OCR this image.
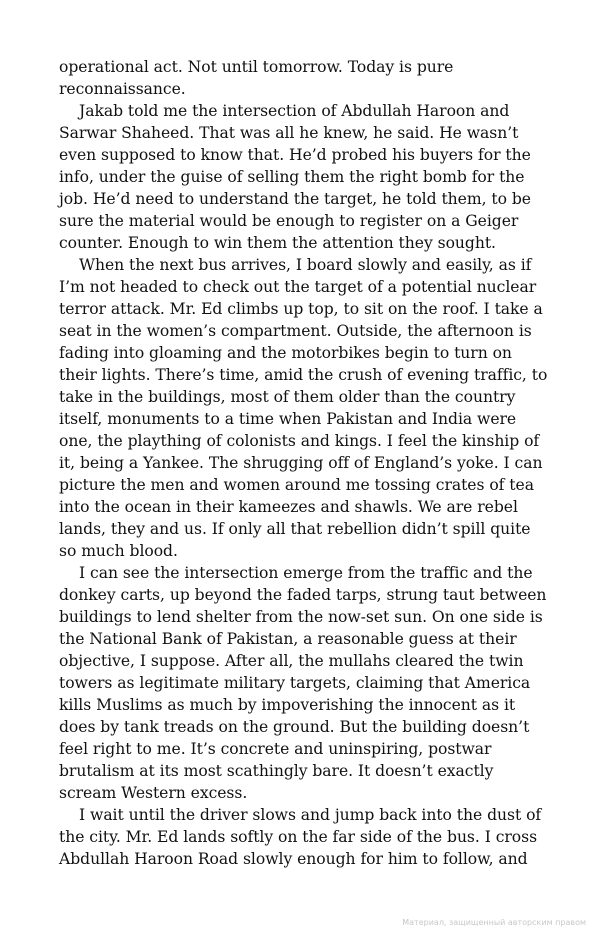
operational act. Not until tomorrow. Today is pure
reconnaissance.
Jakab told me the intersection of Abdullah Haroon and
Sarwar Shaheed. That was all he knew, he said. He wasn’t
even supposed to know that. He’d probed his buyers for the
info, under the guise of selling them the right bomb for the
job. He’d need to understand the target, he told them, to be
sure the material would be enough to register on a Geiger
counter. Enough to win them the attention they sought.
When the next bus arrives, I board slowly and easily, as if
I’m not headed to check out the target of a potential nuclear
terror attack. Mr. Ed climbs up top, to sit on the roof. I take a
seat in the women’s compartment. Outside, the afternoon is
fading into gloaming and the motorbikes begin to turn on
their lights. There’s time, amid the crush of evening traffic, to
take in the buildings, most of them older than the country
itself, monuments to a time when Pakistan and India were
one, the plaything of colonists and kings. I feel the kinship of
it, being a Yankee. The shrugging off of England’s yoke. I can
picture the men and women around me tossing crates of tea
into the ocean in their kameezes and shawls. We are rebel
lands, they and us. If only all that rebellion didn’t spill quite
so much blood.
I can see the intersection emerge from the traffic and the
donkey carts, up beyond the faded tarps, strung taut between
buildings to lend shelter from the now-set sun. On one side is
the National Bank of Pakistan, a reasonable guess at their
objective, I suppose. After all, the mullahs cleared the twin
towers as legitimate military targets, claiming that America
kills Muslims as much by impoverishing the innocent as it
does by tank treads on the ground. But the building doesn’t
feel right to me. It’s concrete and uninspiring, postwar
brutalism at its most scathingly bare. It doesn’t exactly
scream Western excess.
I wait until the driver slows and jump back into the dust of
the city. Mr. Ed lands softly on the far side of the bus. I cross
Abdullah Haroon Road slowly enough for him to follow, and
Материал, защищенный авторским правом
